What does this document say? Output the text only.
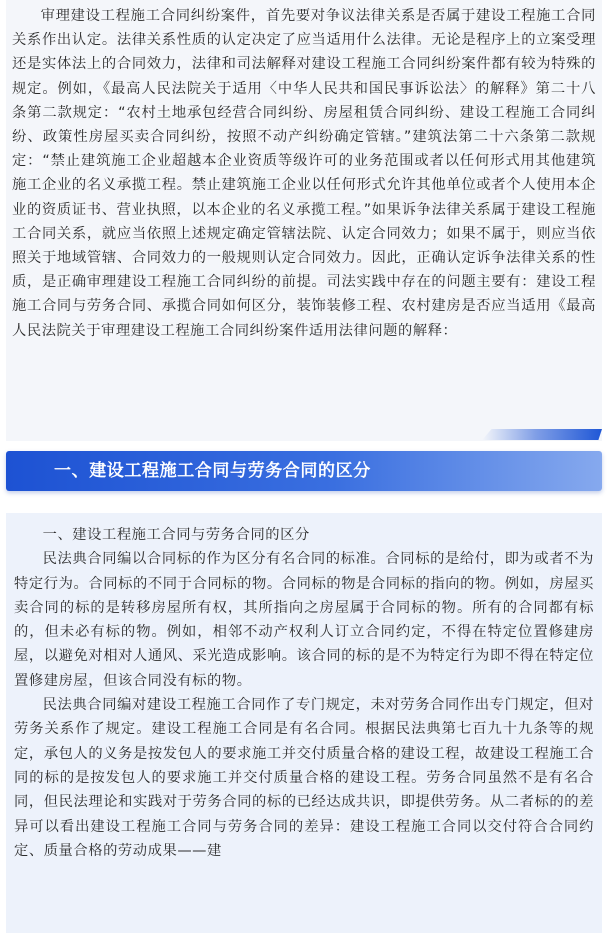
审理建设工程施工合同纠纷案件，首先要对争议法律关系是否属于建设工程施工合同关系作出认定。法律关系性质的认定决定了应当适用什么法律。无论是程序上的立案受理还是实体法上的合同效力，法律和司法解释对建设工程施工合同纠纷案件都有较为特殊的规定。例如，《最高人民法院关于适用〈中华人民共和国民事诉讼法〉的解释》第二十八条第二款规定：“农村土地承包经营合同纠纷、房屋租赁合同纠纷、建设工程施工合同纠纷、政策性房屋买卖合同纠纷，按照不动产纠纷确定管辖。”建筑法第二十六条第二款规定：“禁止建筑施工企业超越本企业资质等级许可的业务范围或者以任何形式用其他建筑施工企业的名义承揽工程。禁止建筑施工企业以任何形式允许其他单位或者个人使用本企业的资质证书、营业执照，以本企业的名义承揽工程。”如果诉争法律关系属于建设工程施工合同关系，就应当依照上述规定确定管辖法院、认定合同效力；如果不属于，则应当依照关于地域管辖、合同效力的一般规则认定合同效力。因此，正确认定诉争法律关系的性质，是正确审理建设工程施工合同纠纷的前提。司法实践中存在的问题主要有：建设工程施工合同与劳务合同、承揽合同如何区分，装饰装修工程、农村建房是否应当适用《最高人民法院关于审理建设工程施工合同纠纷案件适用法律问题的解释：

一、建设工程施工合同与劳务合同的区分

一、建设工程施工合同与劳务合同的区分

民法典合同编以合同标的作为区分有名合同的标准。合同标的是给付，即为或者不为特定行为。合同标的不同于合同标的物。合同标的物是合同标的指向的物。例如，房屋买卖合同的标的是转移房屋所有权，其所指向之房屋属于合同标的物。所有的合同都有标的，但未必有标的物。例如，相邻不动产权利人订立合同约定，不得在特定位置修建房屋，以避免对相对人通风、采光造成影响。该合同的标的是不为特定行为即不得在特定位置修建房屋，但该合同没有标的物。

民法典合同编对建设工程施工合同作了专门规定，未对劳务合同作出专门规定，但对劳务关系作了规定。建设工程施工合同是有名合同。根据民法典第七百九十九条等的规定，承包人的义务是按发包人的要求施工并交付质量合格的建设工程，故建设工程施工合同的标的是按发包人的要求施工并交付质量合格的建设工程。劳务合同虽然不是有名合同，但民法理论和实践对于劳务合同的标的已经达成共识，即提供劳务。从二者标的的差异可以看出建设工程施工合同与劳务合同的差异：建设工程施工合同以交付符合合同约定、质量合格的劳动成果——建
